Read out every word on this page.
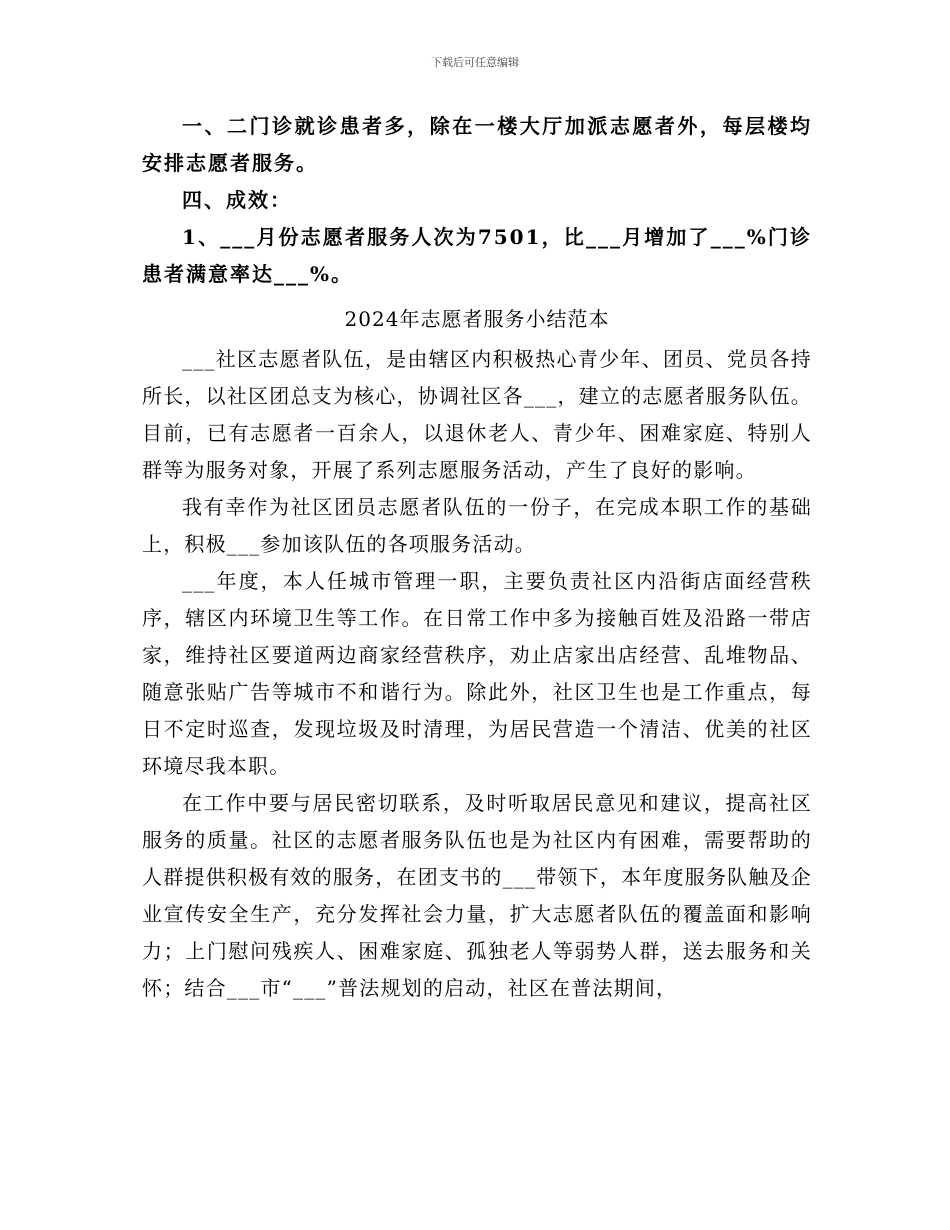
下载后可任意编辑

一、二门诊就诊患者多，除在一楼大厅加派志愿者外，每层楼均安排志愿者服务。

四、成效：

1、___月份志愿者服务人次为7501，比___月增加了___%门诊患者满意率达___%。

2024年志愿者服务小结范本

___社区志愿者队伍，是由辖区内积极热心青少年、团员、党员各持所长，以社区团总支为核心，协调社区各___，建立的志愿者服务队伍。目前，已有志愿者一百余人，以退休老人、青少年、困难家庭、特别人群等为服务对象，开展了系列志愿服务活动，产生了良好的影响。

我有幸作为社区团员志愿者队伍的一份子，在完成本职工作的基础上，积极___参加该队伍的各项服务活动。

___年度，本人任城市管理一职，主要负责社区内沿街店面经营秩序，辖区内环境卫生等工作。在日常工作中多为接触百姓及沿路一带店家，维持社区要道两边商家经营秩序，劝止店家出店经营、乱堆物品、随意张贴广告等城市不和谐行为。除此外，社区卫生也是工作重点，每日不定时巡查，发现垃圾及时清理，为居民营造一个清洁、优美的社区环境尽我本职。

在工作中要与居民密切联系，及时听取居民意见和建议，提高社区服务的质量。社区的志愿者服务队伍也是为社区内有困难，需要帮助的人群提供积极有效的服务，在团支书的___带领下，本年度服务队触及企业宣传安全生产，充分发挥社会力量，扩大志愿者队伍的覆盖面和影响力；上门慰问残疾人、困难家庭、孤独老人等弱势人群，送去服务和关怀；结合___市“___”普法规划的启动，社区在普法期间，
